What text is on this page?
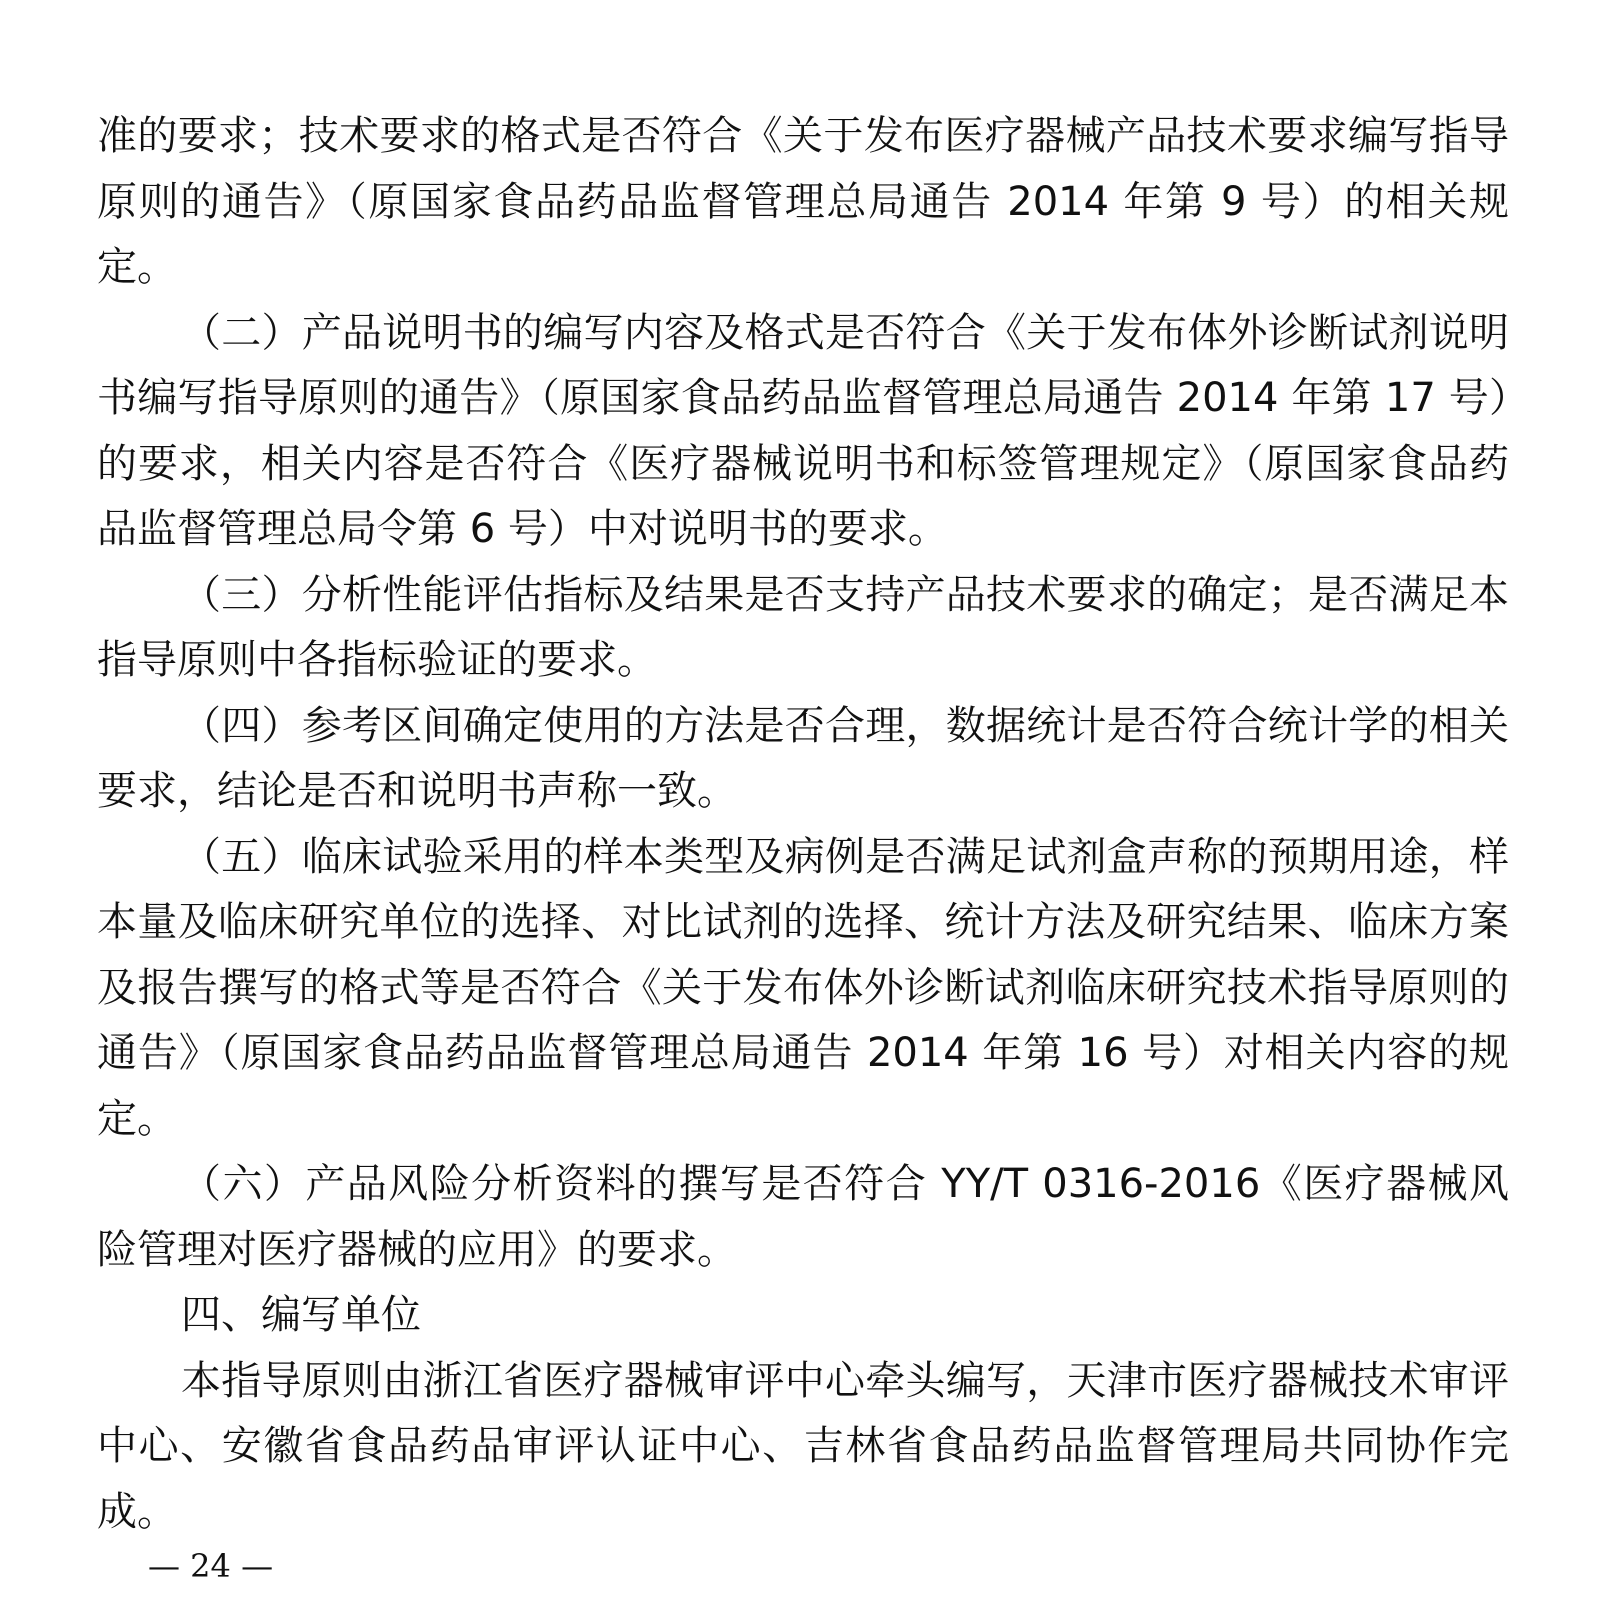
准的要求；技术要求的格式是否符合《关于发布医疗器械产品技术要求编写指导原则的通告》（原国家食品药品监督管理总局通告 2014 年第 9 号）的相关规定。

（二）产品说明书的编写内容及格式是否符合《关于发布体外诊断试剂说明书编写指导原则的通告》（原国家食品药品监督管理总局通告 2014 年第 17 号）的要求，相关内容是否符合《医疗器械说明书和标签管理规定》（原国家食品药品监督管理总局令第 6 号）中对说明书的要求。

（三）分析性能评估指标及结果是否支持产品技术要求的确定；是否满足本指导原则中各指标验证的要求。

（四）参考区间确定使用的方法是否合理，数据统计是否符合统计学的相关要求，结论是否和说明书声称一致。

（五）临床试验采用的样本类型及病例是否满足试剂盒声称的预期用途，样本量及临床研究单位的选择、对比试剂的选择、统计方法及研究结果、临床方案及报告撰写的格式等是否符合《关于发布体外诊断试剂临床研究技术指导原则的通告》（原国家食品药品监督管理总局通告 2014 年第 16 号）对相关内容的规定。

（六）产品风险分析资料的撰写是否符合 YY/T 0316-2016《医疗器械风险管理对医疗器械的应用》的要求。

四、编写单位

本指导原则由浙江省医疗器械审评中心牵头编写，天津市医疗器械技术审评中心、安徽省食品药品审评认证中心、吉林省食品药品监督管理局共同协作完成。

— 24 —
